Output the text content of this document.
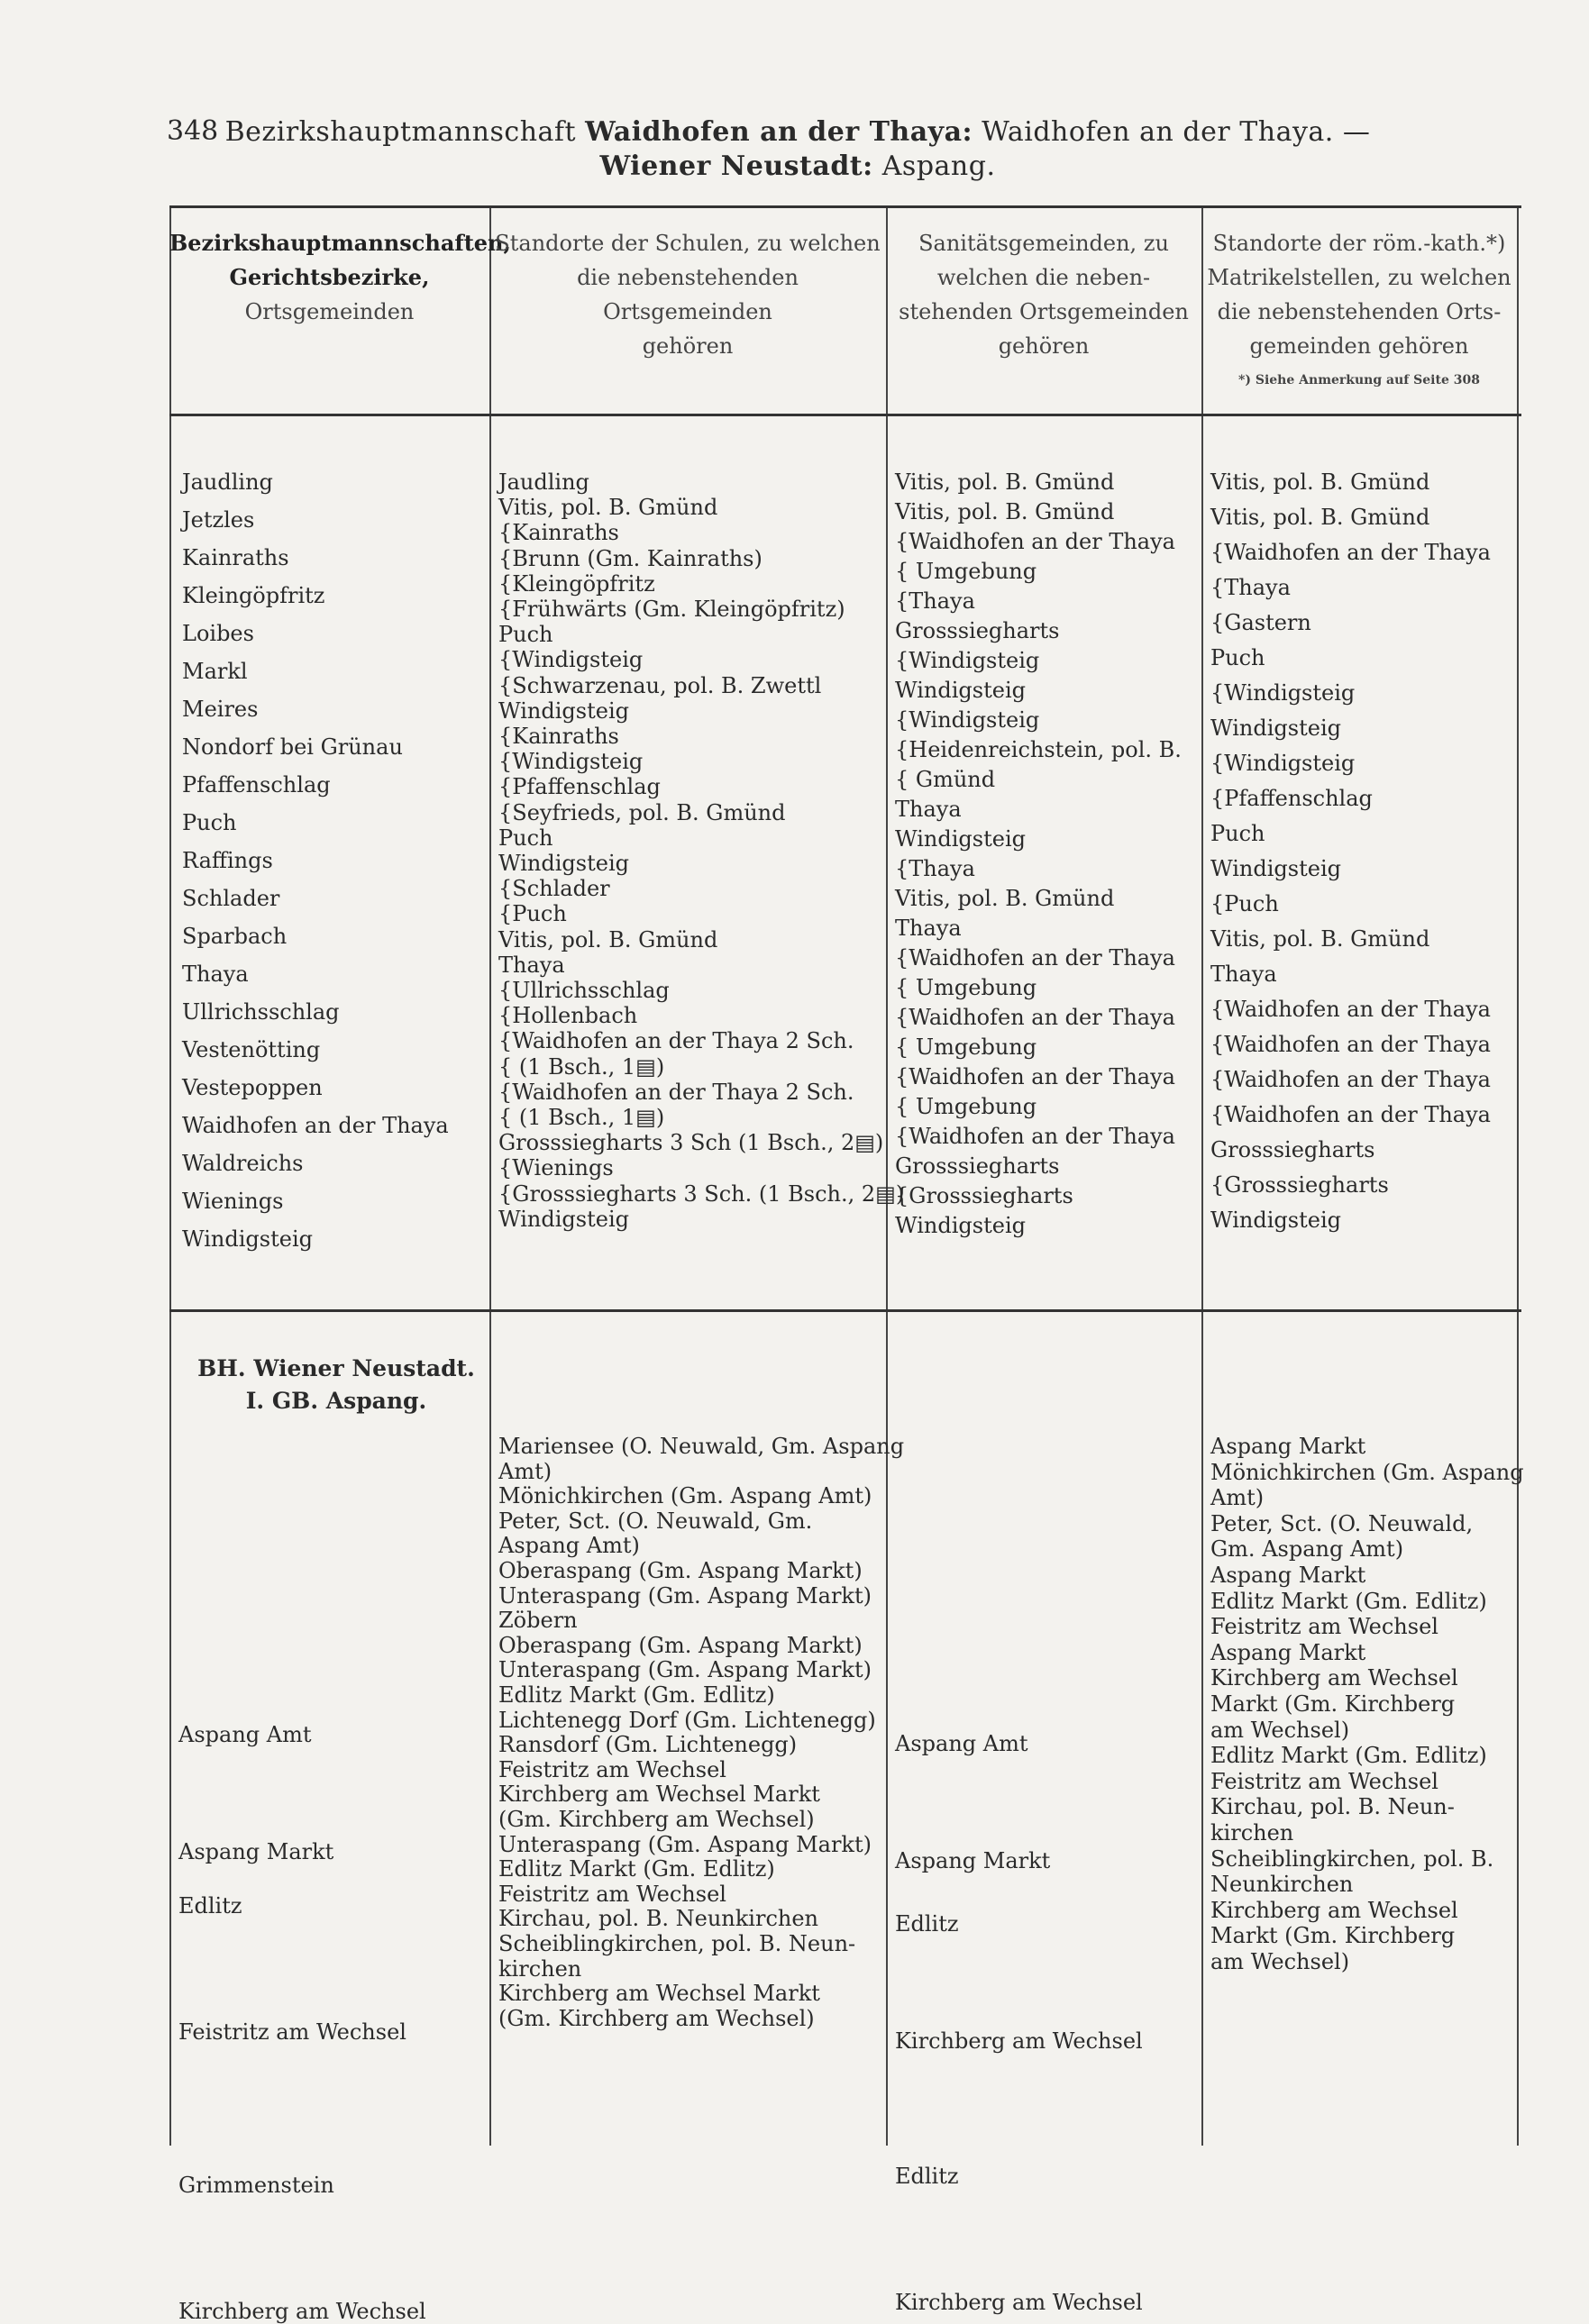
348 Bezirkshauptmannschaft Waidhofen an der Thaya: Waidhofen an der Thaya. —
Wiener Neustadt: Aspang.
Bezirkshauptmannschaften,
Gerichtsbezirke,
Ortsgemeinden
Standorte der Schulen, zu welchen
die nebenstehenden Ortsgemeinden
gehören
Sanitätsgemeinden, zu
welchen die neben-
stehenden Ortsgemeinden
gehören
Standorte der röm.-kath.*)
Matrikelstellen, zu welchen
die nebenstehenden Orts-
gemeinden gehören
*) Siehe Anmerkung auf Seite 308
Jaudling
Jetzles
Kainraths
Kleingöpfritz
Loibes
Markl
Meires
Nondorf bei Grünau
Pfaffenschlag
Puch
Raffings
Schlader
Sparbach
Thaya
Ullrichsschlag
Vestenötting
Vestepoppen
Waidhofen an der Thaya
Waldreichs
Wienings
Windigsteig
Jaudling
Vitis, pol. B. Gmünd
{Kainraths
{Brunn (Gm. Kainraths)
{Kleingöpfritz
{Frühwärts (Gm. Kleingöpfritz)
Puch
{Windigsteig
{Schwarzenau, pol. B. Zwettl
Windigsteig
{Kainraths
{Windigsteig
{Pfaffenschlag
{Seyfrieds, pol. B. Gmünd
Puch
Windigsteig
{Schlader
{Puch
Vitis, pol. B. Gmünd
Thaya
{Ullrichsschlag
{Hollenbach
{Waidhofen an der Thaya 2 Sch.
{ (1 Bsch., 1▤)
{Waidhofen an der Thaya 2 Sch.
{ (1 Bsch., 1▤)
Grosssiegharts 3 Sch (1 Bsch., 2▤)
{Wienings
{Grosssiegharts 3 Sch. (1 Bsch., 2▤)
Windigsteig
Vitis, pol. B. Gmünd
Vitis, pol. B. Gmünd
{Waidhofen an der Thaya
{ Umgebung
{Thaya
Grosssiegharts
{Windigsteig
Windigsteig
{Windigsteig
{Heidenreichstein, pol. B.
{ Gmünd
Thaya
Windigsteig
{Thaya
Vitis, pol. B. Gmünd
Thaya
{Waidhofen an der Thaya
{ Umgebung
{Waidhofen an der Thaya
{ Umgebung
{Waidhofen an der Thaya
{ Umgebung
{Waidhofen an der Thaya
Grosssiegharts
{Grosssiegharts
Windigsteig
Vitis, pol. B. Gmünd
Vitis, pol. B. Gmünd
{Waidhofen an der Thaya
{Thaya
{Gastern
Puch
{Windigsteig
Windigsteig
{Windigsteig
{Pfaffenschlag
Puch
Windigsteig
{Puch
Vitis, pol. B. Gmünd
Thaya
{Waidhofen an der Thaya
{Waidhofen an der Thaya
{Waidhofen an der Thaya
{Waidhofen an der Thaya
Grosssiegharts
{Grosssiegharts
Windigsteig
BH. Wiener Neustadt.
I. GB. Aspang.
Aspang Amt
Aspang Markt
Edlitz
Feistritz am Wechsel
Grimmenstein
Kirchberg am Wechsel
Mariensee (O. Neuwald, Gm. Aspang
Amt)
Mönichkirchen (Gm. Aspang Amt)
Peter, Sct. (O. Neuwald, Gm.
Aspang Amt)
Oberaspang (Gm. Aspang Markt)
Unteraspang (Gm. Aspang Markt)
Zöbern
Oberaspang (Gm. Aspang Markt)
Unteraspang (Gm. Aspang Markt)
Edlitz Markt (Gm. Edlitz)
Lichtenegg Dorf (Gm. Lichtenegg)
Ransdorf (Gm. Lichtenegg)
Feistritz am Wechsel
Kirchberg am Wechsel Markt
(Gm. Kirchberg am Wechsel)
Unteraspang (Gm. Aspang Markt)
Edlitz Markt (Gm. Edlitz)
Feistritz am Wechsel
Kirchau, pol. B. Neunkirchen
Scheiblingkirchen, pol. B. Neun-
kirchen
Kirchberg am Wechsel Markt
(Gm. Kirchberg am Wechsel)
Aspang Amt
Aspang Markt
Edlitz
Kirchberg am Wechsel
Edlitz
Kirchberg am Wechsel
Aspang Markt
Mönichkirchen (Gm. Aspang
Amt)
Peter, Sct. (O. Neuwald,
Gm. Aspang Amt)
Aspang Markt
Edlitz Markt (Gm. Edlitz)
Feistritz am Wechsel
Aspang Markt
Kirchberg am Wechsel
Markt (Gm. Kirchberg
am Wechsel)
Edlitz Markt (Gm. Edlitz)
Feistritz am Wechsel
Kirchau, pol. B. Neun-
kirchen
Scheiblingkirchen, pol. B.
Neunkirchen
Kirchberg am Wechsel
Markt (Gm. Kirchberg
am Wechsel)
